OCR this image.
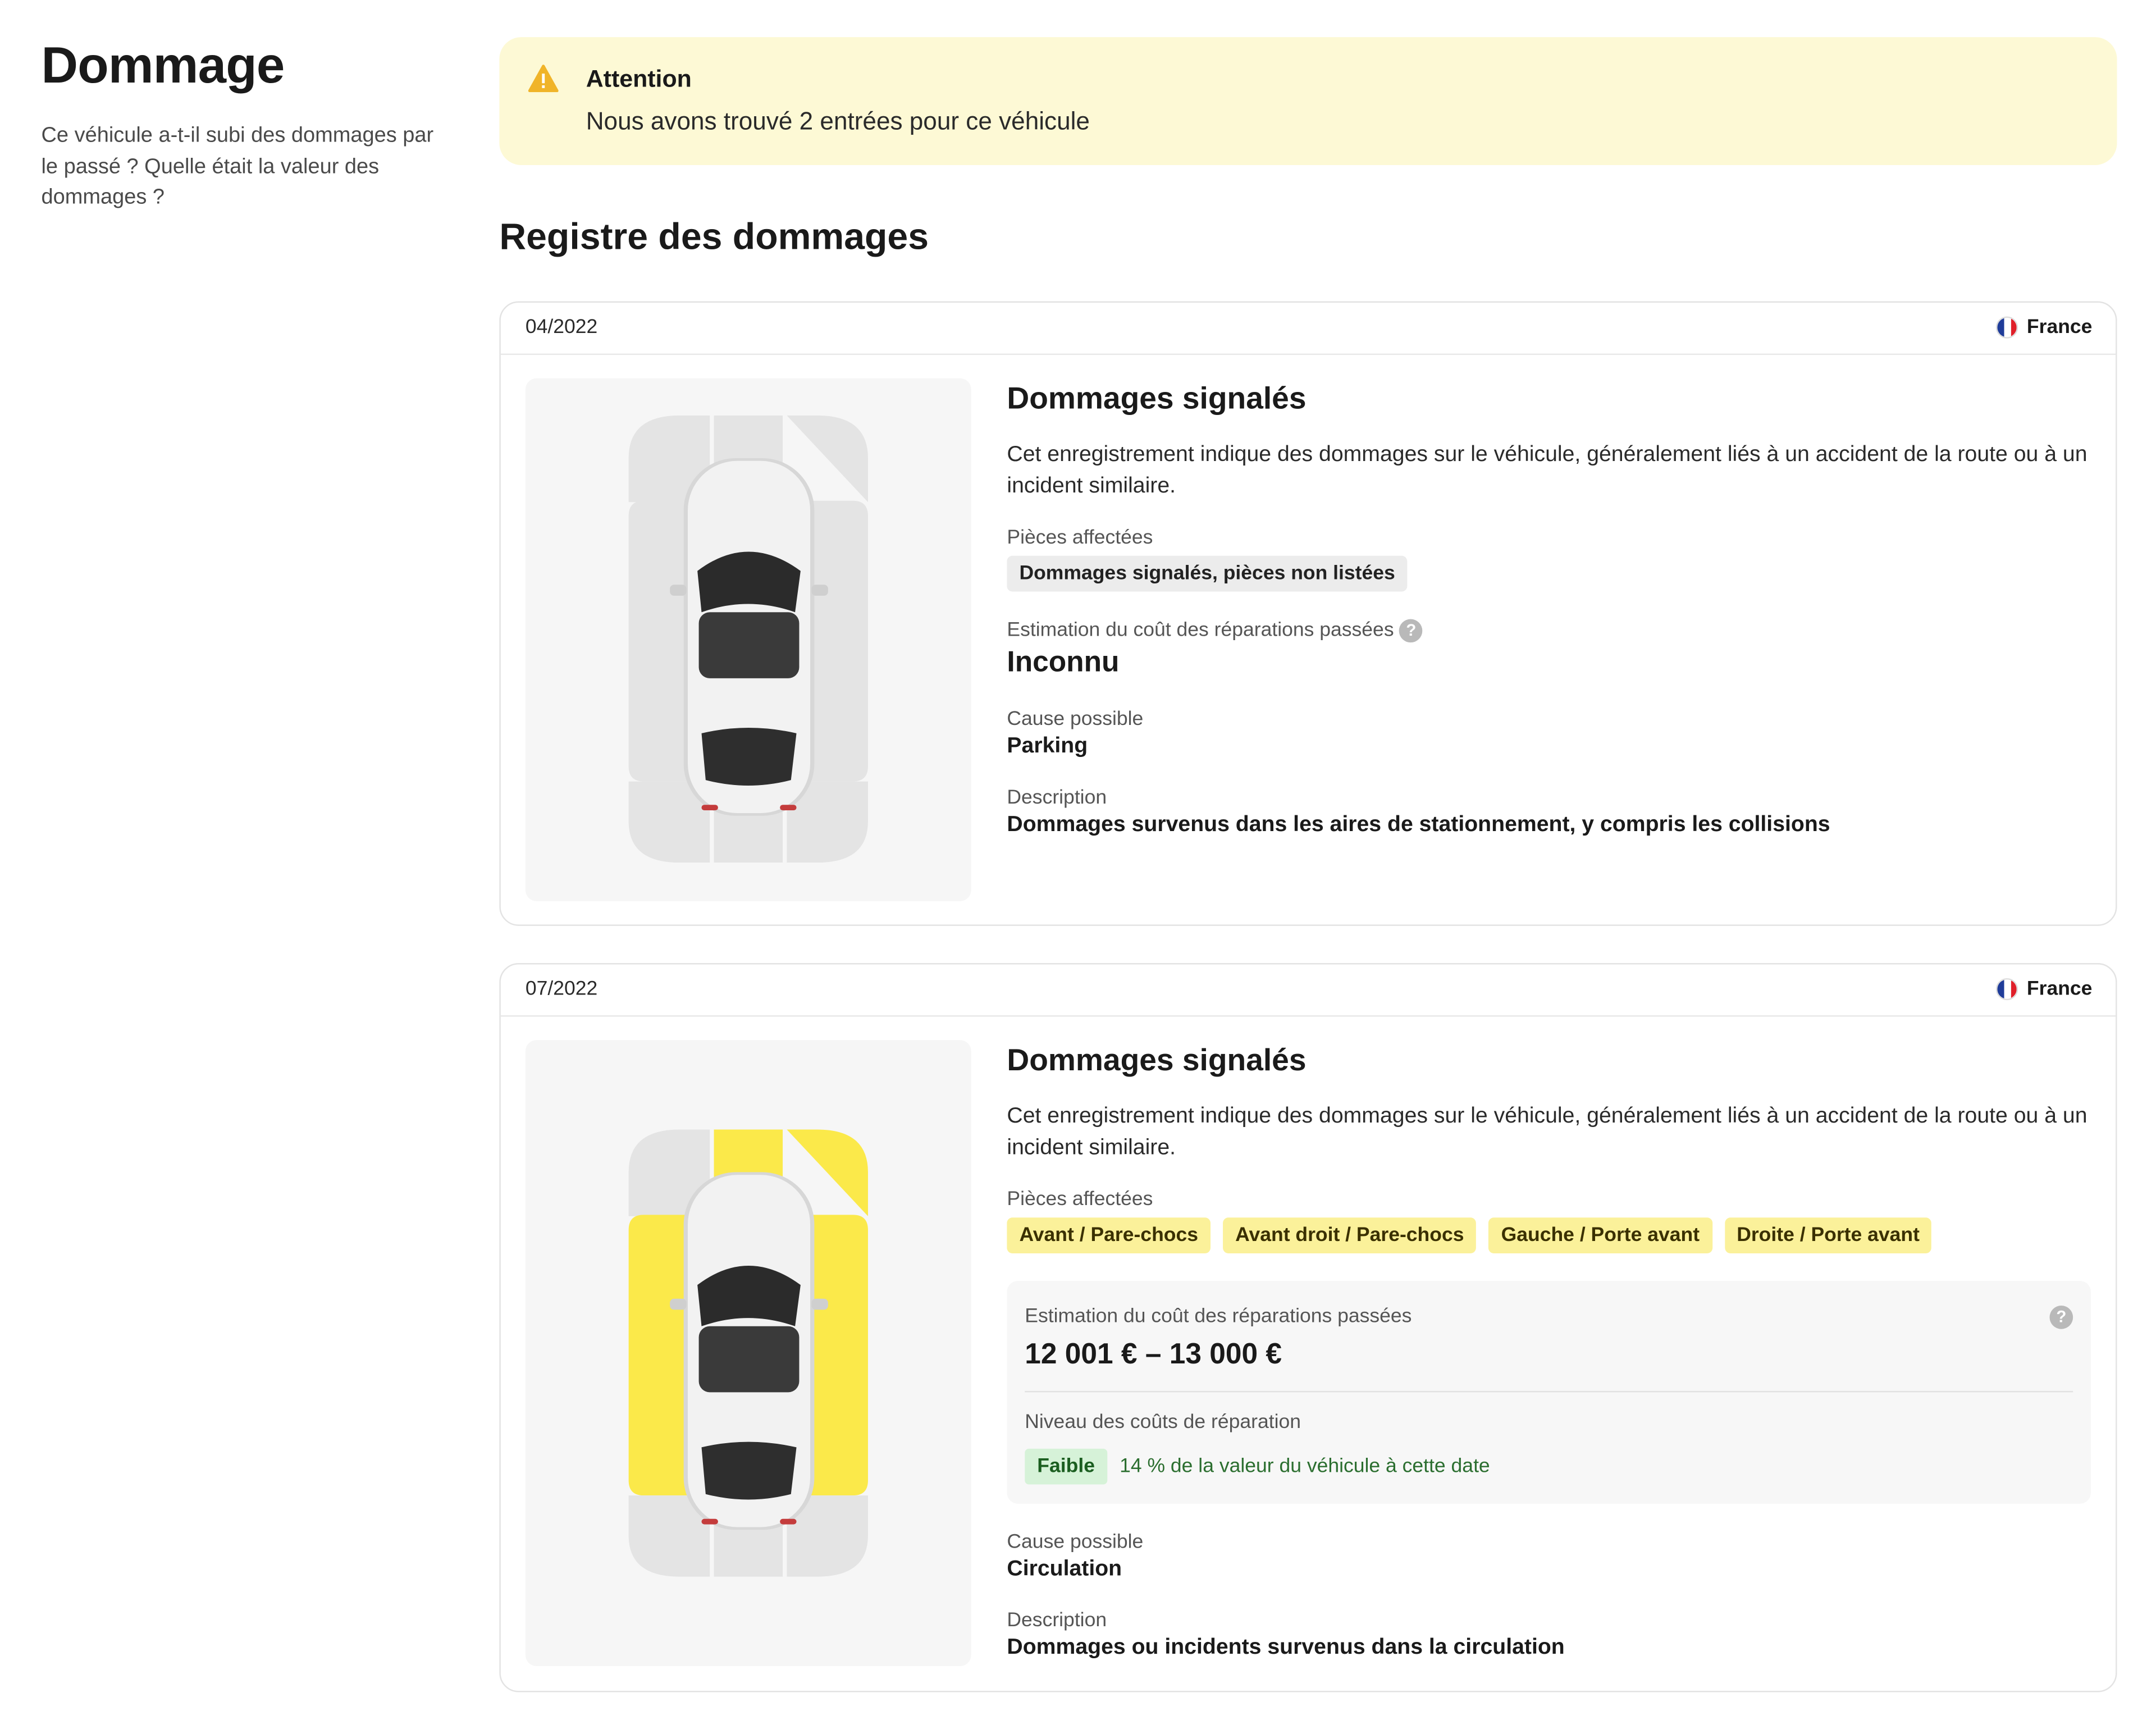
Dommage

Ce véhicule a-t-il subi des dommages par le passé ? Quelle était la valeur des dommages ?

Attention
Nous avons trouvé 2 entrées pour ce véhicule
Registre des dommages
04/2022	France
Dommages signalés
Cet enregistrement indique des dommages sur le véhicule, généralement liés à un accident de la route ou à un incident similaire.
Pièces affectées
Dommages signalés, pièces non listées
Estimation du coût des réparations passées ?
Inconnu
Cause possible
Parking
Description
Dommages survenus dans les aires de stationnement, y compris les collisions
07/2022	France
Dommages signalés
Cet enregistrement indique des dommages sur le véhicule, généralement liés à un accident de la route ou à un incident similaire.
Pièces affectées
Avant / Pare-chocs	Avant droit / Pare-chocs	Gauche / Porte avant	Droite / Porte avant
Estimation du coût des réparations passées	?
12 001 € – 13 000 €
Niveau des coûts de réparation
Faible	14 % de la valeur du véhicule à cette date
Cause possible
Circulation
Description
Dommages ou incidents survenus dans la circulation
